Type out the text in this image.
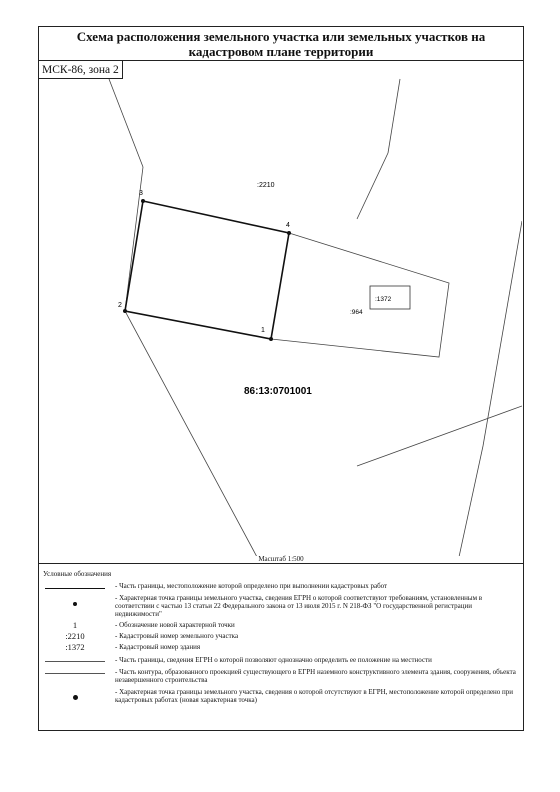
Схема расположения земельного участка или земельных участков на кадастровом плане территории
1
2
3
4
:2210
:964
:1372
86:13:0701001
МСК-86, зона 2
Масштаб 1:500
Условные обозначения
- Часть границы, местоположение которой определено при выполнении кадастровых работ
- Характерная точка границы земельного участка, сведения ЕГРН о которой соответствуют требованиям, установленным в соответствии с частью 13 статьи 22 Федерального закона от 13 июля 2015 г. N 218-ФЗ "О государственной регистрации недвижимости"
1	- Обозначение новой характерной точки
:2210	- Кадастровый номер земельного участка
:1372	- Кадастровый номер здания
- Часть границы, сведения ЕГРН о которой позволяют однозначно определить ее положение на местности
- Часть контура, образованного проекцией существующего в ЕГРН наземного конструктивного элемента здания, сооружения, объекта незавершенного строительства
- Характерная точка границы земельного участка, сведения о которой отсутствуют в ЕГРН, местоположение которой определено при кадастровых работах (новая характерная точка)
